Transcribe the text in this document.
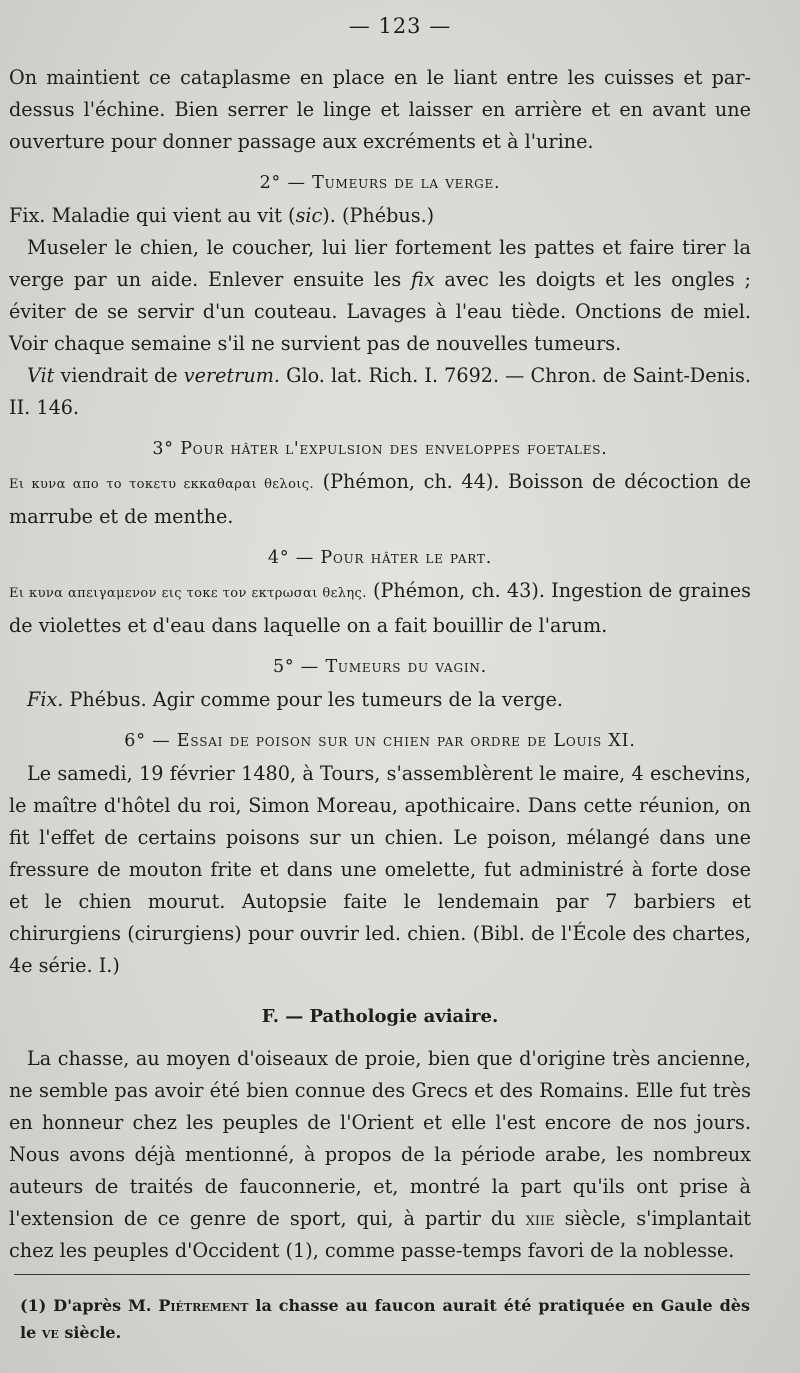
— 123 —

On maintient ce cataplasme en place en le liant entre les cuisses et par-dessus l'échine. Bien serrer le linge et laisser en arrière et en avant une ouverture pour donner passage aux excréments et à l'urine.

2° — Tumeurs de la verge.

Fix. Maladie qui vient au vit (sic). (Phébus.)

Museler le chien, le coucher, lui lier fortement les pattes et faire tirer la verge par un aide. Enlever ensuite les fix avec les doigts et les ongles ; éviter de se servir d'un couteau. Lavages à l'eau tiède. Onctions de miel. Voir chaque semaine s'il ne survient pas de nouvelles tumeurs.

Vit viendrait de veretrum. Glo. lat. Rich. I. 7692. — Chron. de Saint-Denis. II. 146.

3° Pour hâter l'expulsion des enveloppes foetales.

Ει κυνα απο το τοκετυ εκκαθαραι θελοις. (Phémon, ch. 44). Boisson de décoction de marrube et de menthe.

4° — Pour hâter le part.

Ει κυνα απειγαμενον εις τοκε τον εκτρωσαι θελης. (Phémon, ch. 43). Ingestion de graines de violettes et d'eau dans laquelle on a fait bouillir de l'arum.

5° — Tumeurs du vagin.

Fix. Phébus. Agir comme pour les tumeurs de la verge.

6° — Essai de poison sur un chien par ordre de Louis XI.

Le samedi, 19 février 1480, à Tours, s'assemblèrent le maire, 4 eschevins, le maître d'hôtel du roi, Simon Moreau, apothicaire. Dans cette réunion, on fit l'effet de certains poisons sur un chien. Le poison, mélangé dans une fressure de mouton frite et dans une omelette, fut administré à forte dose et le chien mourut. Autopsie faite le lendemain par 7 barbiers et chirurgiens (cirurgiens) pour ouvrir led. chien. (Bibl. de l'École des chartes, 4e série. I.)

F. — Pathologie aviaire.

La chasse, au moyen d'oiseaux de proie, bien que d'origine très ancienne, ne semble pas avoir été bien connue des Grecs et des Romains. Elle fut très en honneur chez les peuples de l'Orient et elle l'est encore de nos jours. Nous avons déjà mentionné, à propos de la période arabe, les nombreux auteurs de traités de fauconnerie, et, montré la part qu'ils ont prise à l'extension de ce genre de sport, qui, à partir du xiie siècle, s'implantait chez les peuples d'Occident (1), comme passe-temps favori de la noblesse.

(1) D'après M. Piétrement la chasse au faucon aurait été pratiquée en Gaule dès le ve siècle.
